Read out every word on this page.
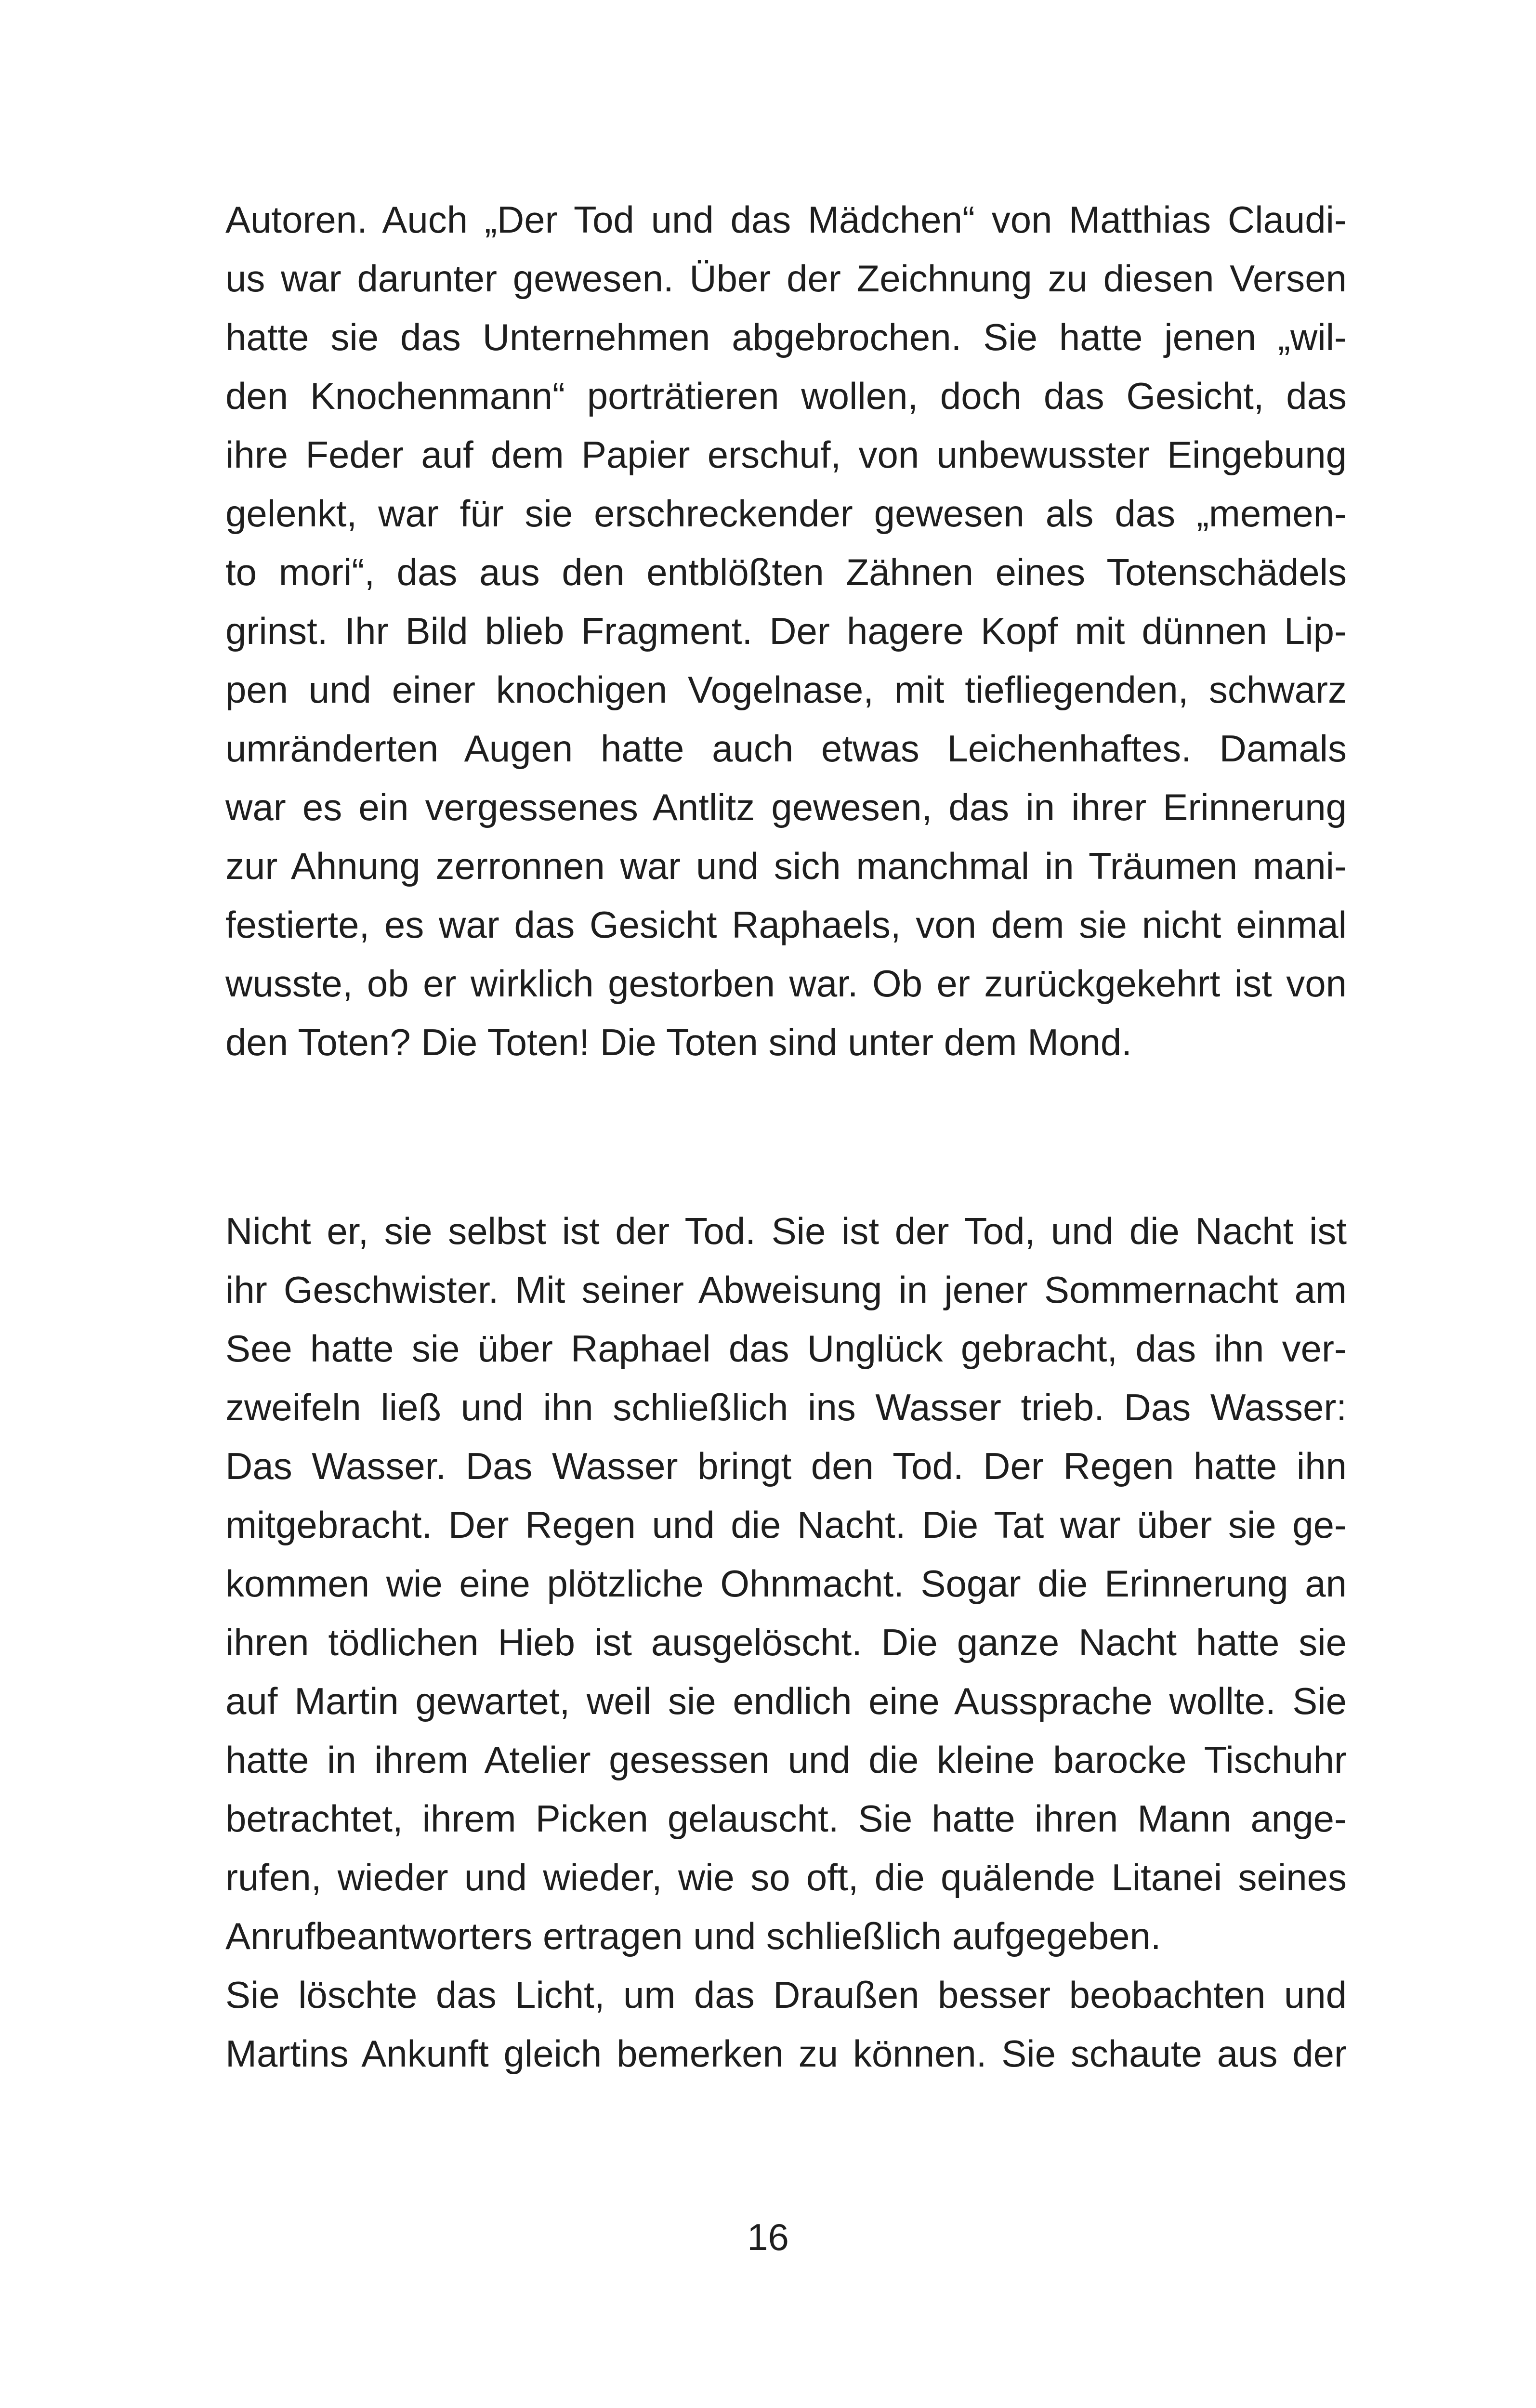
Autoren. Auch „Der Tod und das Mädchen“ von Matthias Claudi-
us war darunter gewesen. Über der Zeichnung zu diesen Versen
hatte sie das Unternehmen abgebrochen. Sie hatte jenen „wil-
den Knochenmann“ porträtieren wollen, doch das Gesicht, das
ihre Feder auf dem Papier erschuf, von unbewusster Eingebung
gelenkt, war für sie erschreckender gewesen als das „memen-
to mori“, das aus den entblößten Zähnen eines Totenschädels
grinst. Ihr Bild blieb Fragment. Der hagere Kopf mit dünnen Lip-
pen und einer knochigen Vogelnase, mit tiefliegenden, schwarz
umränderten Augen hatte auch etwas Leichenhaftes. Damals
war es ein vergessenes Antlitz gewesen, das in ihrer Erinnerung
zur Ahnung zerronnen war und sich manchmal in Träumen mani-
festierte, es war das Gesicht Raphaels, von dem sie nicht einmal
wusste, ob er wirklich gestorben war. Ob er zurückgekehrt ist von
den Toten? Die Toten! Die Toten sind unter dem Mond.
Nicht er, sie selbst ist der Tod. Sie ist der Tod, und die Nacht ist
ihr Geschwister. Mit seiner Abweisung in jener Sommernacht am
See hatte sie über Raphael das Unglück gebracht, das ihn ver-
zweifeln ließ und ihn schließlich ins Wasser trieb. Das Wasser:
Das Wasser. Das Wasser bringt den Tod. Der Regen hatte ihn
mitgebracht. Der Regen und die Nacht. Die Tat war über sie ge-
kommen wie eine plötzliche Ohnmacht. Sogar die Erinnerung an
ihren tödlichen Hieb ist ausgelöscht. Die ganze Nacht hatte sie
auf Martin gewartet, weil sie endlich eine Aussprache wollte. Sie
hatte in ihrem Atelier gesessen und die kleine barocke Tischuhr
betrachtet, ihrem Picken gelauscht. Sie hatte ihren Mann ange-
rufen, wieder und wieder, wie so oft, die quälende Litanei seines
Anrufbeantworters ertragen und schließlich aufgegeben.
Sie löschte das Licht, um das Draußen besser beobachten und
Martins Ankunft gleich bemerken zu können. Sie schaute aus der
16
